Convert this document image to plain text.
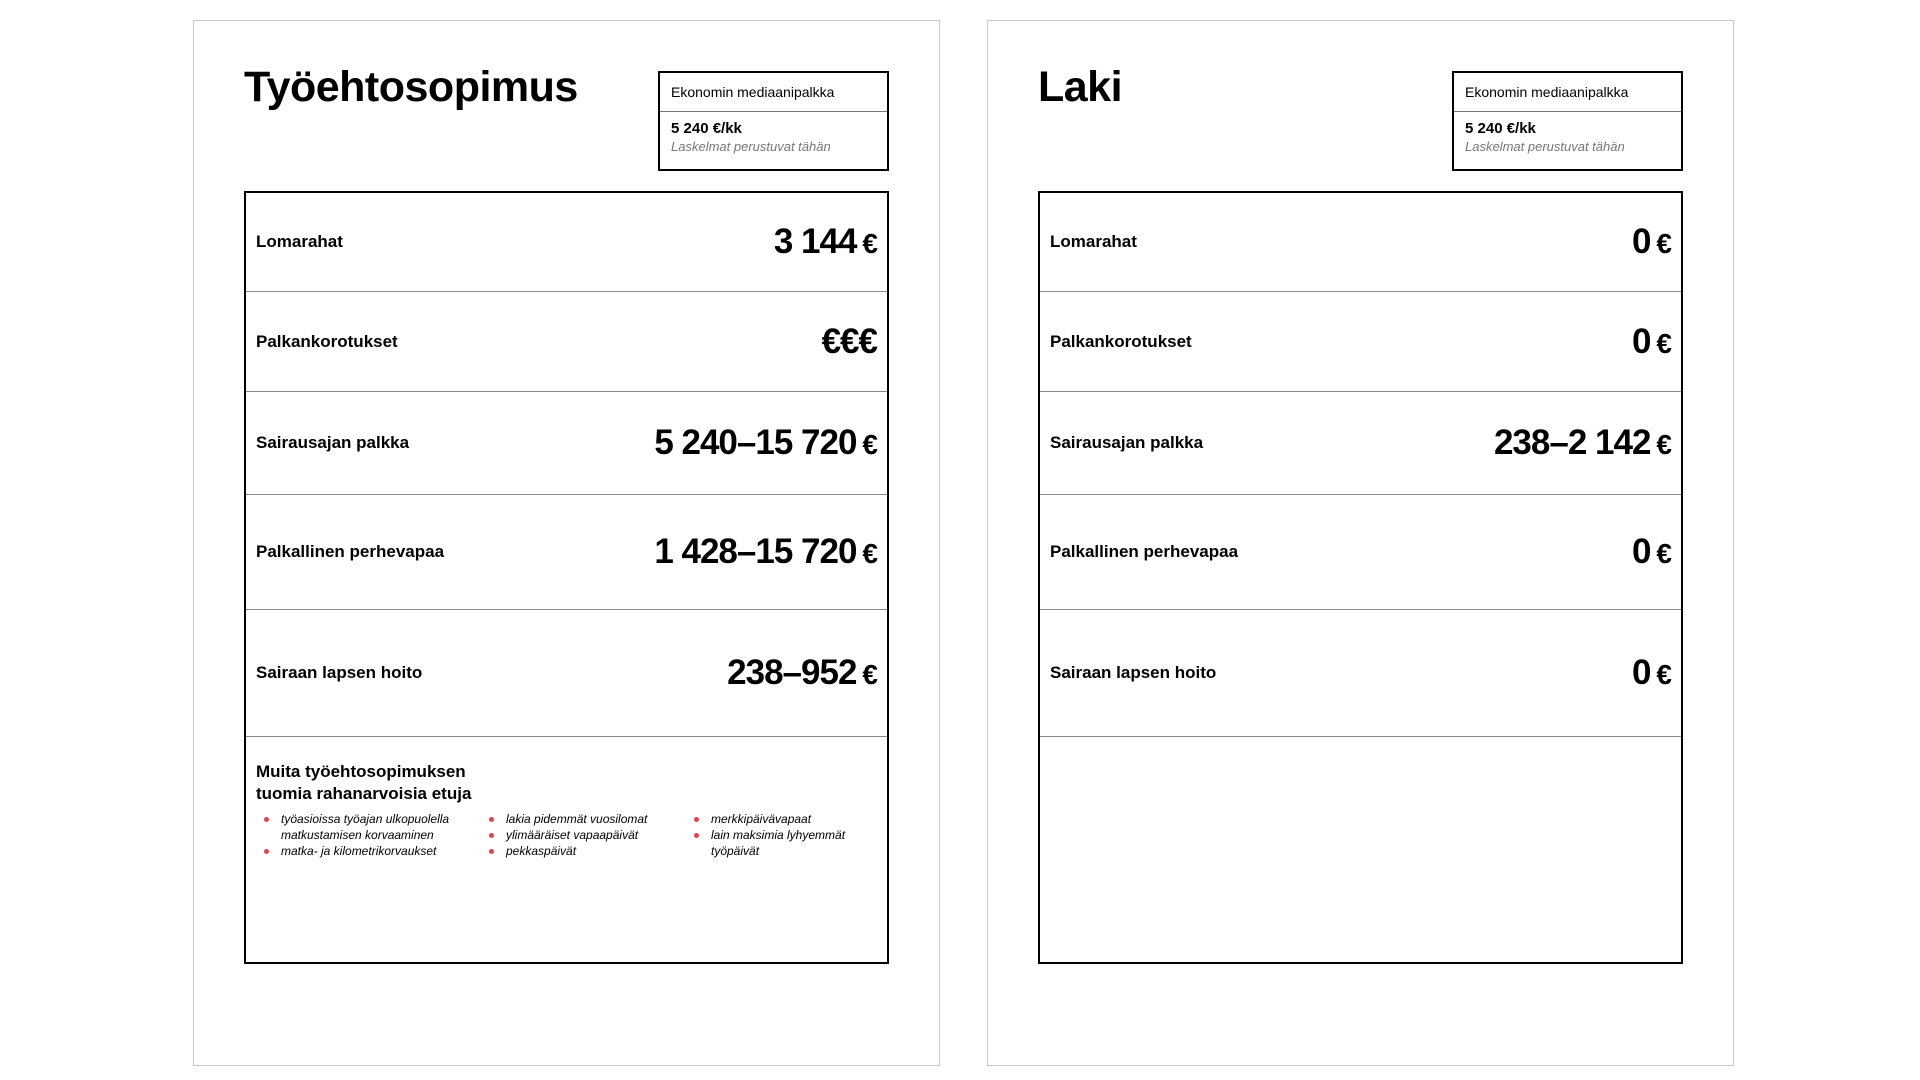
Työehtosopimus	Ekonomin mediaanipalkka
5 240 €/kk
Laskelmat perustuvat tähän
Lomarahat	3 144 €
Palkankorotukset	€€€
Sairausajan palkka	5 240–15 720 €
Palkallinen perhevapaa	1 428–15 720 €
Sairaan lapsen hoito	238–952 €
Muita työehtosopimuksen
tuomia rahanarvoisia etuja
työasioissa työajan ulkopuolella matkustamisen korvaaminen
matka- ja kilometrikorvaukset
lakia pidemmät vuosilomat
ylimääräiset vapaapäivät
pekkaspäivät
merkkipäivävapaat
lain maksimia lyhyemmät työpäivät
Laki	Ekonomin mediaanipalkka
5 240 €/kk
Laskelmat perustuvat tähän
Lomarahat	0 €
Palkankorotukset	0 €
Sairausajan palkka	238–2 142 €
Palkallinen perhevapaa	0 €
Sairaan lapsen hoito	0 €
